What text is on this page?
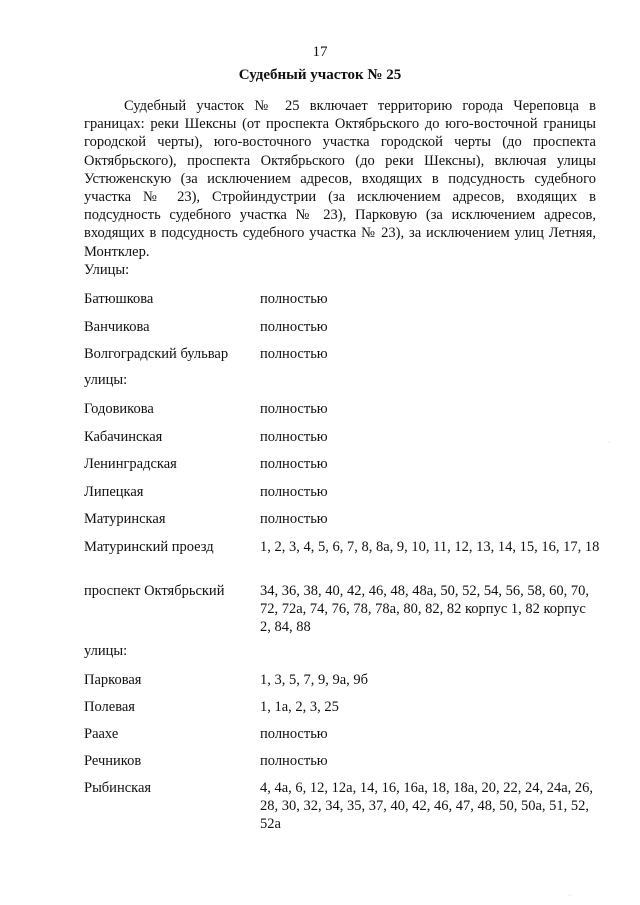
17
Судебный участок № 25

Судебный участок № 25 включает территорию города Череповца в границах: реки Шексны (от проспекта Октябрьского до юго-восточной границы городской черты), юго-восточного участка городской черты (до проспекта Октябрьского), проспекта Октябрьского (до реки Шексны), включая улицы Устюженскую (за исключением адресов, входящих в подсудность судебного участка № 23), Стройиндустрии (за исключением адресов, входящих в подсудность судебного участка № 23), Парковую (за исключением адресов, входящих в подсудность судебного участка № 23), за исключением улиц Летняя, Монтклер.

Улицы:
Батюшкова	полностью
Ванчикова	полностью
Волгоградский бульвар	полностью
улицы:
Годовикова	полностью
Кабачинская	полностью
Ленинградская	полностью
Липецкая	полностью
Матуринская	полностью
Матуринский проезд	1, 2, 3, 4, 5, 6, 7, 8, 8а, 9, 10, 11, 12, 13, 14, 15, 16, 17, 18
проспект Октябрьский	34, 36, 38, 40, 42, 46, 48, 48а, 50, 52, 54, 56, 58, 60, 70, 72, 72а, 74, 76, 78, 78а, 80, 82, 82 корпус 1, 82 корпус 2, 84, 88
улицы:
Парковая	1, 3, 5, 7, 9, 9а, 9б
Полевая	1, 1а, 2, 3, 25
Раахе	полностью
Речников	полностью
Рыбинская	4, 4а, 6, 12, 12а, 14, 16, 16а, 18, 18а, 20, 22, 24, 24а, 26, 28, 30, 32, 34, 35, 37, 40, 42, 46, 47, 48, 50, 50а, 51, 52, 52а
·
··
